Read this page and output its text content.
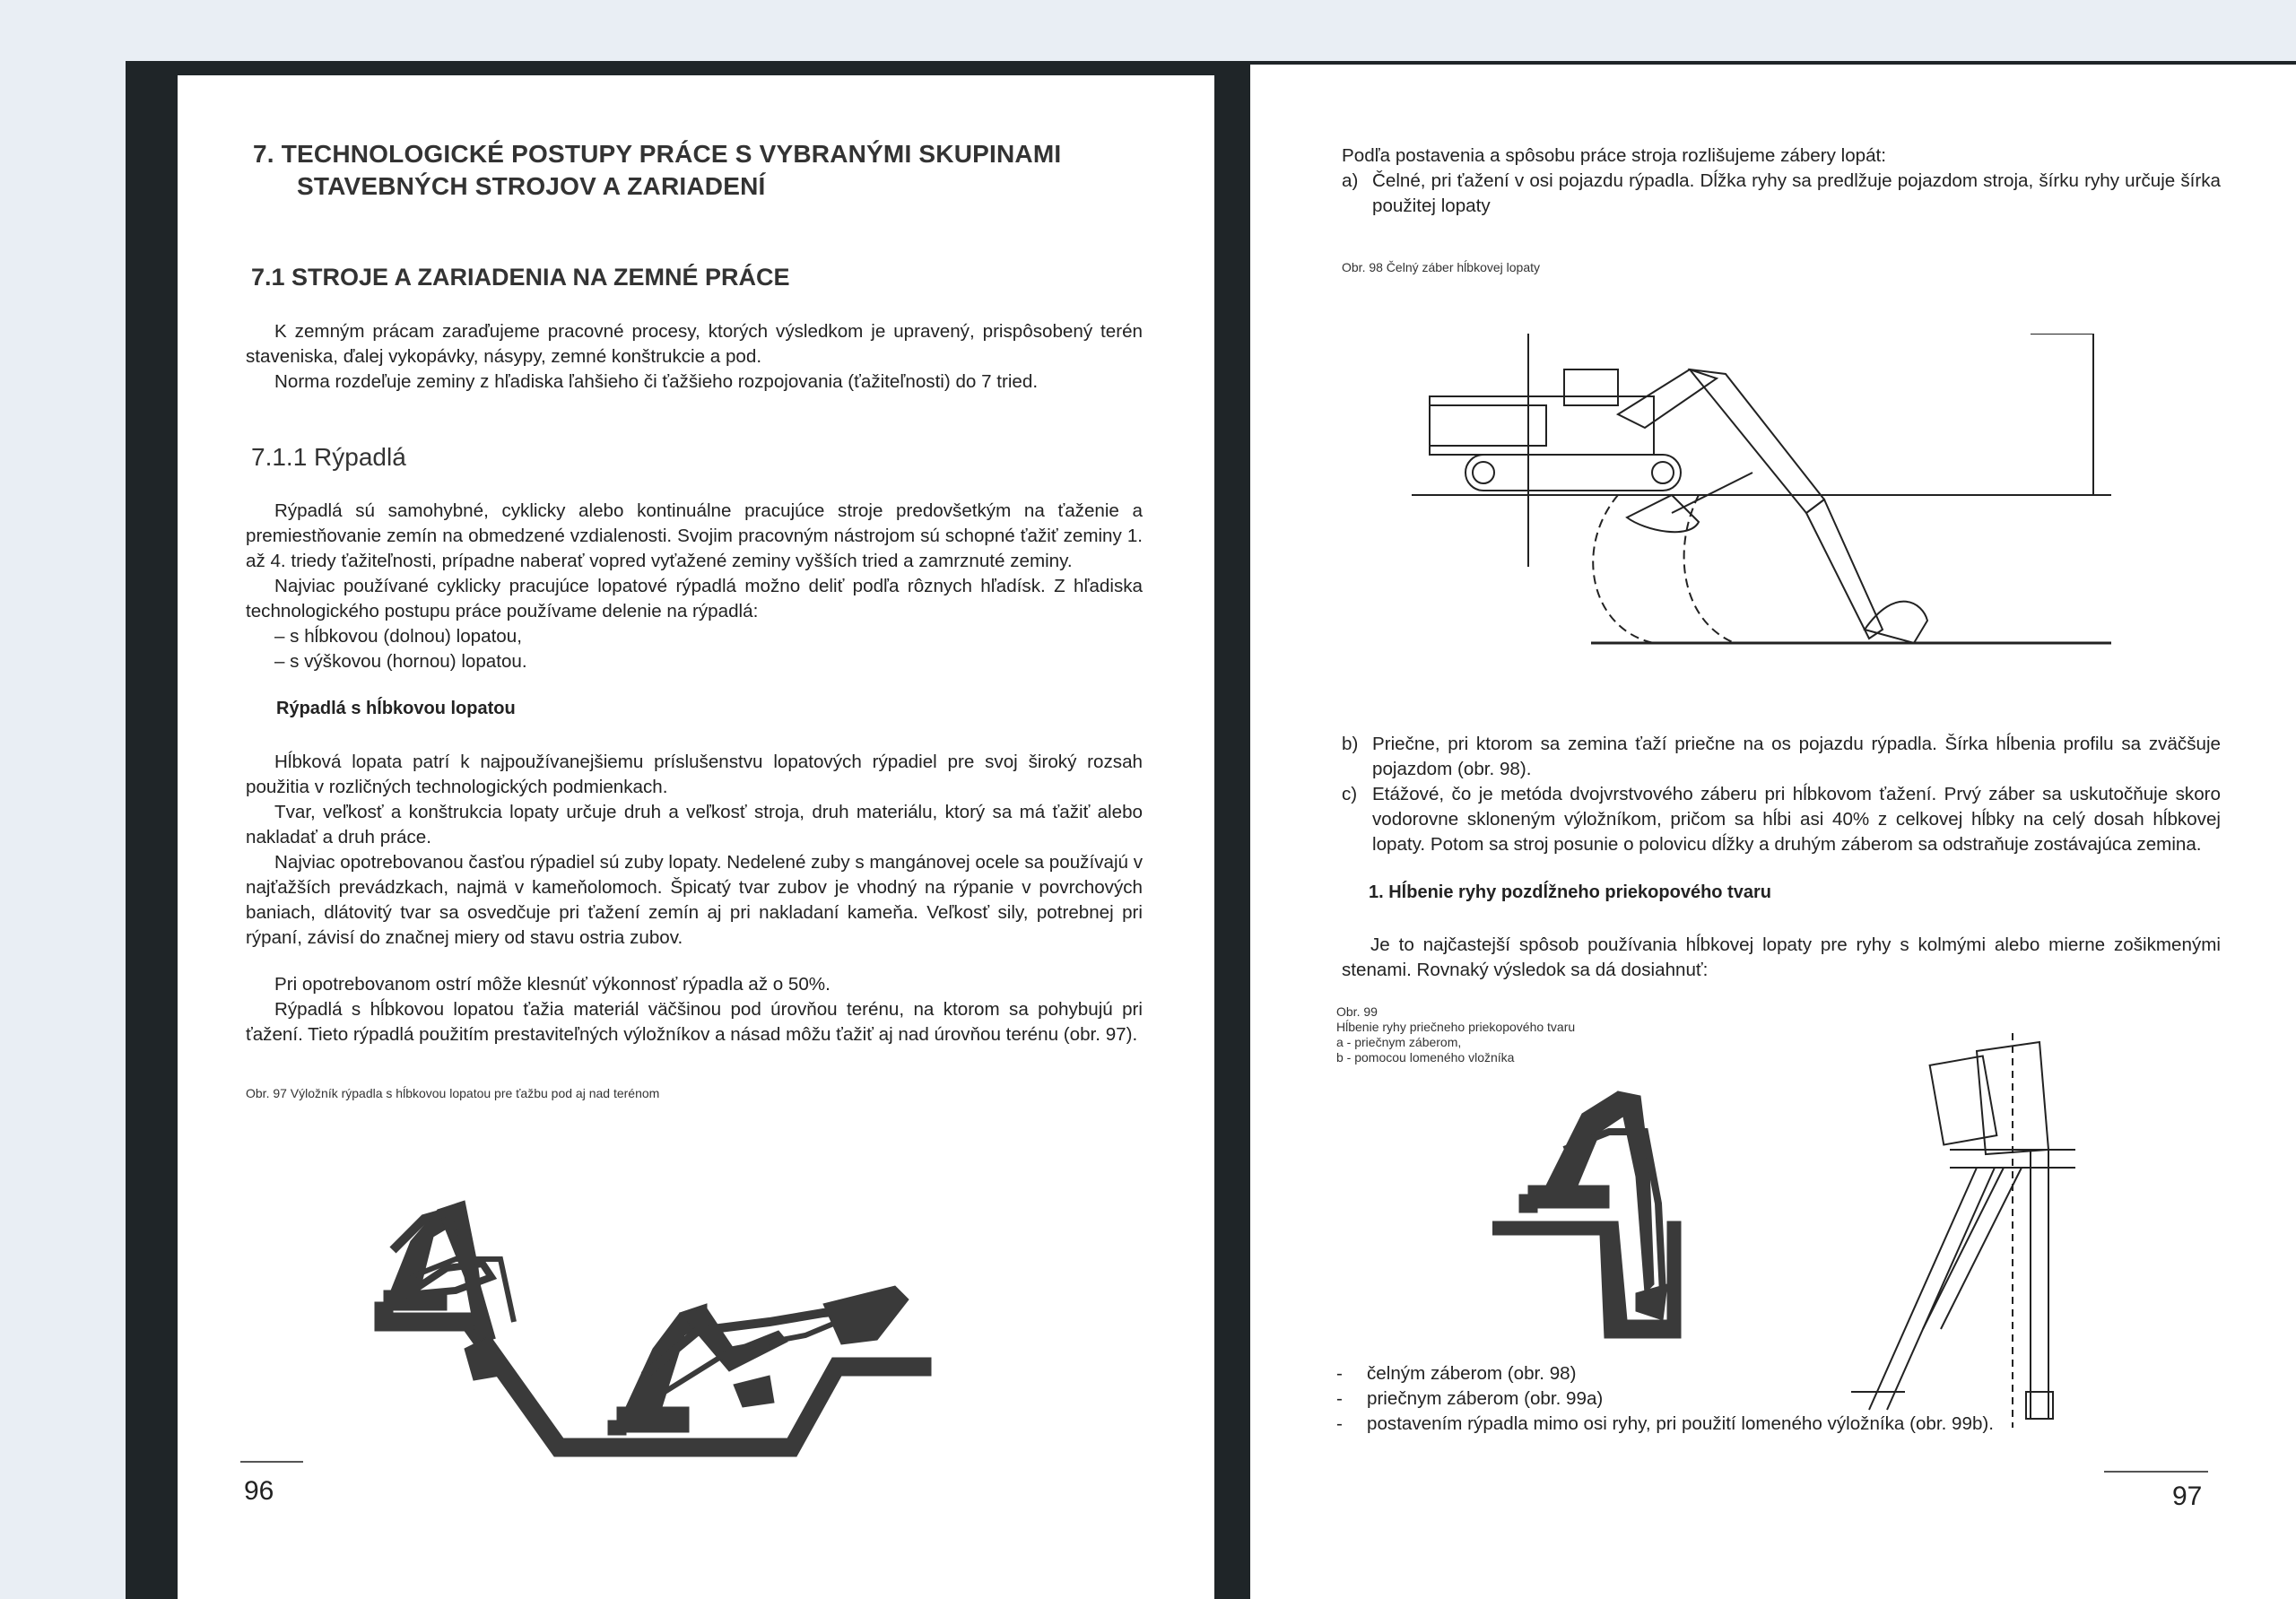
7. TECHNOLOGICKÉ POSTUPY PRÁCE S VYBRANÝMI SKUPINAMI
STAVEBNÝCH STROJOV A ZARIADENÍ
7.1 STROJE A ZARIADENIA NA ZEMNÉ PRÁCE

K zemným prácam zaraďujeme pracovné procesy, ktorých výsledkom je upravený, prispôsobený terén staveniska, ďalej vykopávky, násypy, zemné konštrukcie a pod.

Norma rozdeľuje zeminy z hľadiska ľahšieho či ťažšieho rozpojovania (ťažiteľnosti) do 7 tried.

7.1.1 Rýpadlá

Rýpadlá sú samohybné, cyklicky alebo kontinuálne pracujúce stroje predovšetkým na ťaženie a premiestňovanie zemín na obmedzené vzdialenosti. Svojim pracovným nástrojom sú schopné ťažiť zeminy 1. až 4. triedy ťažiteľnosti, prípadne naberať vopred vyťažené zeminy vyšších tried a zamrznuté zeminy.

Najviac používané cyklicky pracujúce lopatové rýpadlá možno deliť podľa rôznych hľadísk. Z hľadiska technologického postupu práce používame delenie na rýpadlá:

– s hĺbkovou (dolnou) lopatou,

– s výškovou (hornou) lopatou.

Rýpadlá s hĺbkovou lopatou

Hĺbková lopata patrí k najpoužívanejšiemu príslušenstvu lopatových rýpadiel pre svoj široký rozsah použitia v rozličných technologických podmienkach.

Tvar, veľkosť a konštrukcia lopaty určuje druh a veľkosť stroja, druh materiálu, ktorý sa má ťažiť alebo nakladať a druh práce.

Najviac opotrebovanou časťou rýpadiel sú zuby lopaty. Nedelené zuby s mangánovej ocele sa používajú v najťažších prevádzkach, najmä v kameňolomoch. Špicatý tvar zubov je vhodný na rýpanie v povrchových baniach, dlátovitý tvar sa osvedčuje pri ťažení zemín aj pri nakladaní kameňa. Veľkosť sily, potrebnej pri rýpaní, závisí do značnej miery od stavu ostria zubov.

Pri opotrebovanom ostrí môže klesnúť výkonnosť rýpadla až o 50%.

Rýpadlá s hĺbkovou lopatou ťažia materiál väčšinou pod úrovňou terénu, na ktorom sa pohybujú pri ťažení. Tieto rýpadlá použitím prestaviteľných výložníkov a násad môžu ťažiť aj nad úrovňou terénu (obr. 97).

Obr. 97 Výložník rýpadla s hĺbkovou lopatou pre ťažbu pod aj nad terénom
96

Podľa postavenia a spôsobu práce stroja rozlišujeme zábery lopát:

a) Čelné, pri ťažení v osi pojazdu rýpadla. Dĺžka ryhy sa predlžuje pojazdom stroja, šírku ryhy určuje šírka použitej lopaty
Obr. 98 Čelný záber hĺbkovej lopaty
b) Priečne, pri ktorom sa zemina ťaží priečne na os pojazdu rýpadla. Šírka hĺbenia profilu sa zväčšuje pojazdom (obr. 98).
c) Etážové, čo je metóda dvojvrstvového záberu pri hĺbkovom ťažení. Prvý záber sa uskutočňuje skoro vodorovne skloneným výložníkom, pričom sa hĺbi asi 40% z celkovej hĺbky na celý dosah hĺbkovej lopaty. Potom sa stroj posunie o polovicu dĺžky a druhým záberom sa odstraňuje zostávajúca zemina.
1. Hĺbenie ryhy pozdĺžneho priekopového tvaru

Je to najčastejší spôsob používania hĺbkovej lopaty pre ryhy s kolmými alebo mierne zošikmenými stenami. Rovnaký výsledok sa dá dosiahnuť:

Obr. 99
Hĺbenie ryhy priečneho priekopového tvaru
a - priečnym záberom,
b - pomocou lomeného vložníka
- čelným záberom (obr. 98)
- priečnym záberom (obr. 99a)
- postavením rýpadla mimo osi ryhy, pri použití lomeného výložníka (obr. 99b).
97
